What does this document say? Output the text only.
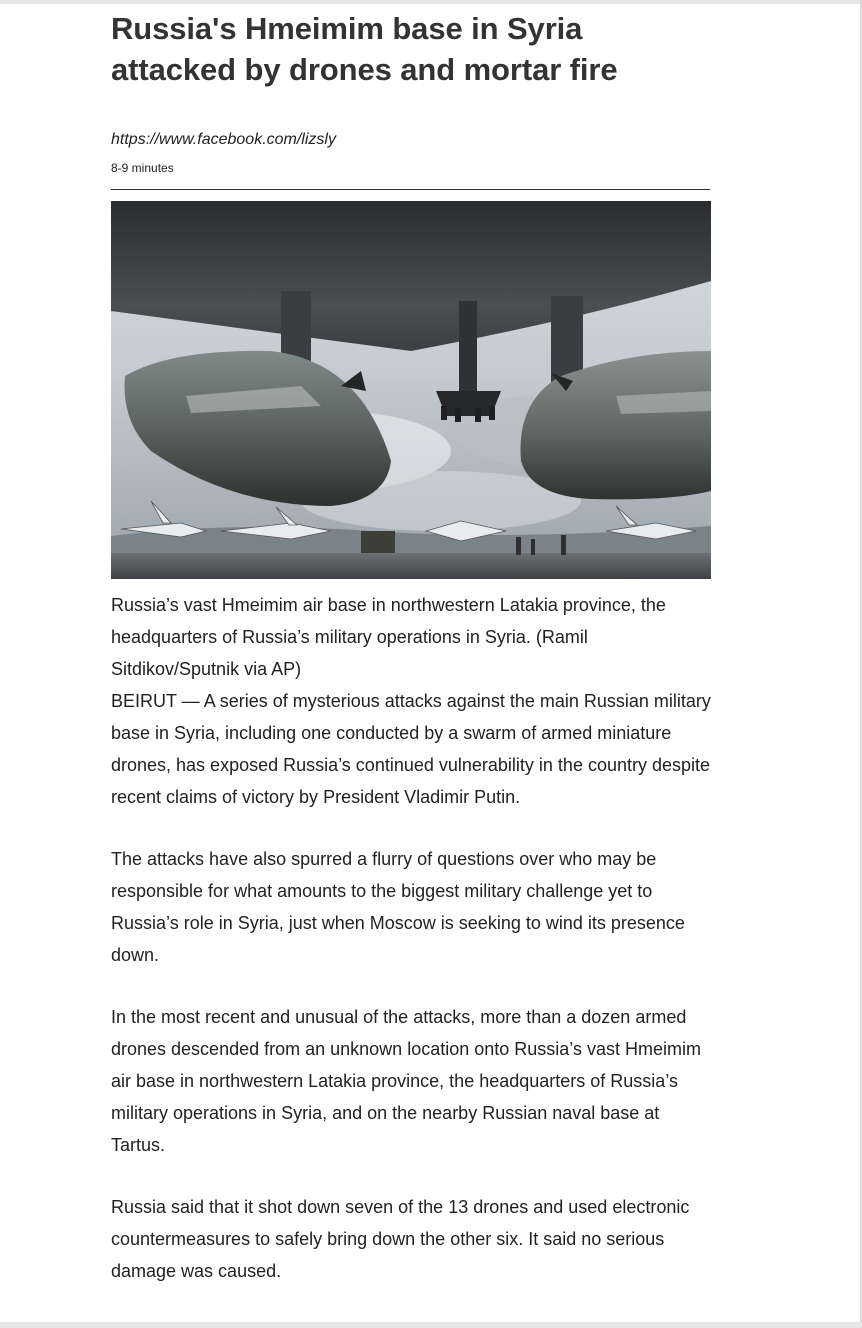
Russia's Hmeimim base in Syria attacked by drones and mortar fire
https://www.facebook.com/lizsly
8-9 minutes

Russia’s vast Hmeimim air base in northwestern Latakia province, the headquarters of Russia’s military operations in Syria. (Ramil Sitdikov/Sputnik via AP)

BEIRUT — A series of mysterious attacks against the main Russian military base in Syria, including one conducted by a swarm of armed miniature drones, has exposed Russia’s continued vulnerability in the country despite recent claims of victory by President Vladimir Putin.

The attacks have also spurred a flurry of questions over who may be responsible for what amounts to the biggest military challenge yet to Russia’s role in Syria, just when Moscow is seeking to wind its presence down.

In the most recent and unusual of the attacks, more than a dozen armed drones descended from an unknown location onto Russia’s vast Hmeimim air base in northwestern Latakia province, the headquarters of Russia’s military operations in Syria, and on the nearby Russian naval base at Tartus.

Russia said that it shot down seven of the 13 drones and used electronic countermeasures to safely bring down the other six. It said no serious damage was caused.
